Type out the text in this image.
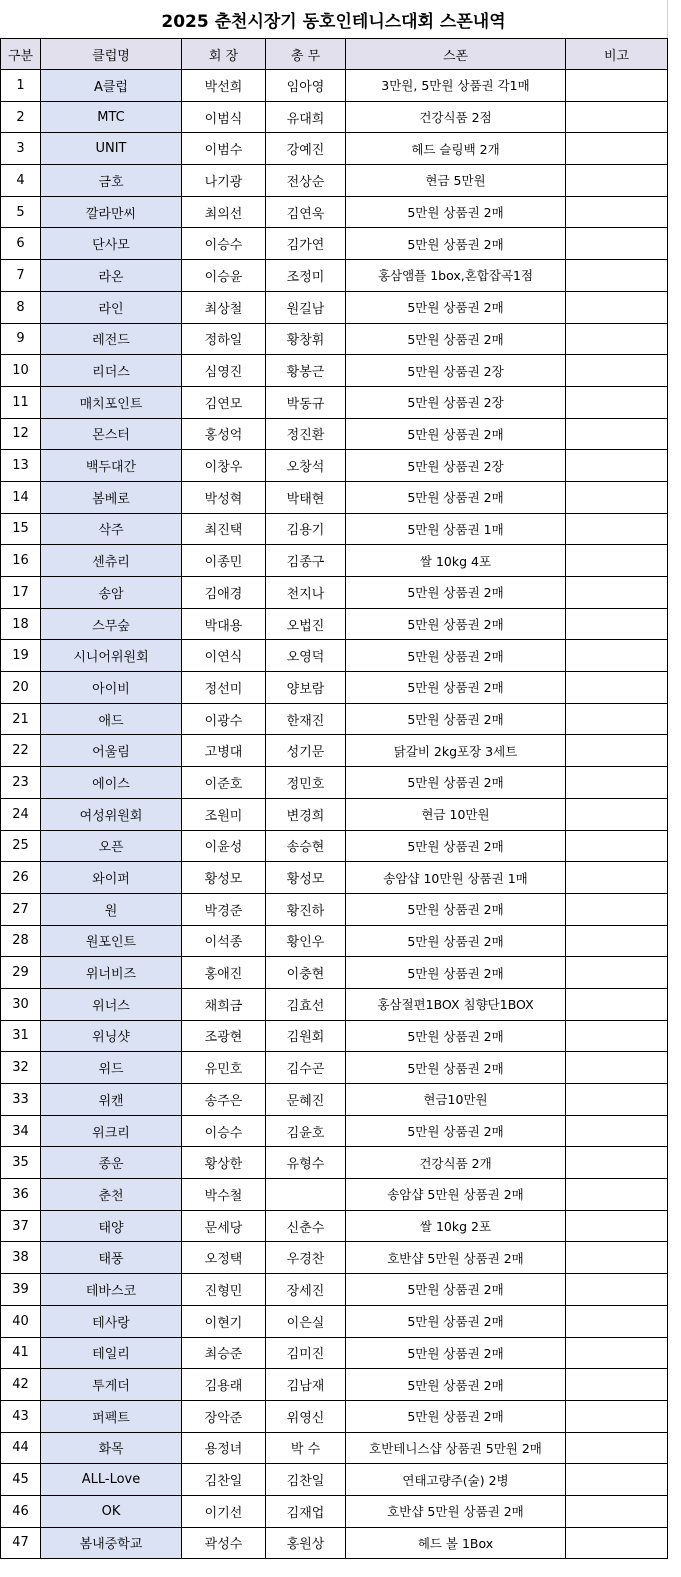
2025 춘천시장기 동호인테니스대회 스폰내역
구분	클럽명	회 장	총 무	스폰	비고
1	A클럽	박선희	임아영	3만원, 5만원 상품권 각1매	
2	MTC	이범식	유대희	건강식품 2점	
3	UNIT	이범수	강예진	헤드 슬링백 2개	
4	금호	나기광	전상순	현금 5만원	
5	깔라만씨	최의선	김연욱	5만원 상품권 2매	
6	단사모	이승수	김가연	5만원 상품권 2매	
7	라온	이승윤	조정미	홍삼앰플 1box,혼합잡곡1점	
8	라인	최상철	원길남	5만원 상품권 2매	
9	레전드	정하일	황창휘	5만원 상품권 2매	
10	리더스	심영진	황봉근	5만원 상품권 2장	
11	매치포인트	김연모	박동규	5만원 상품권 2장	
12	몬스터	홍성억	정진환	5만원 상품권 2매	
13	백두대간	이창우	오창석	5만원 상품권 2장	
14	봄베로	박성혁	박태현	5만원 상품권 2매	
15	삭주	최진택	김용기	5만원 상품권 1매	
16	센츄리	이종민	김종구	쌀 10kg 4포	
17	송암	김애경	천지나	5만원 상품권 2매	
18	스무숲	박대용	오법진	5만원 상품권 2매	
19	시니어위원회	이연식	오영덕	5만원 상품권 2매	
20	아이비	정선미	양보람	5만원 상품권 2매	
21	애드	이광수	한재진	5만원 상품권 2매	
22	어울림	고병대	성기문	닭갈비 2kg포장 3세트	
23	에이스	이준호	정민호	5만원 상품권 2매	
24	여성위원회	조원미	변경희	현금 10만원	
25	오픈	이윤성	송승현	5만원 상품권 2매	
26	와이퍼	황성모	황성모	송암샵 10만원 상품권 1매	
27	원	박경준	황진하	5만원 상품권 2매	
28	원포인트	이석종	황인우	5만원 상품권 2매	
29	위너비즈	홍애진	이충현	5만원 상품권 2매	
30	위너스	채희금	김효선	홍삼절편1BOX 침향단1BOX	
31	위닝샷	조광현	김원회	5만원 상품권 2매	
32	위드	유민호	김수곤	5만원 상품권 2매	
33	위캔	송주은	문혜진	현금10만원	
34	위크리	이승수	김윤호	5만원 상품권 2매	
35	종운	황상한	유형수	건강식품 2개	
36	춘천	박수철		송암샵 5만원 상품권 2매	
37	태양	문세당	신춘수	쌀 10kg 2포	
38	태풍	오정택	우경찬	호반샵 5만원 상품권 2매	
39	테바스코	진형민	장세진	5만원 상품권 2매	
40	테사랑	이현기	이은실	5만원 상품권 2매	
41	테일리	최승준	김미진	5만원 상품권 2매	
42	투게더	김용래	김남재	5만원 상품권 2매	
43	퍼펙트	장악준	위영신	5만원 상품권 2매	
44	화목	용정녀	박 수	호반테니스샵 상품권 5만원 2매	
45	ALL-Love	김찬일	김찬일	연태고량주(술) 2병	
46	OK	이기선	김재업	호반샵 5만원 상품권 2매	
47	봄내중학교	곽성수	홍원상	헤드 볼 1Box	
